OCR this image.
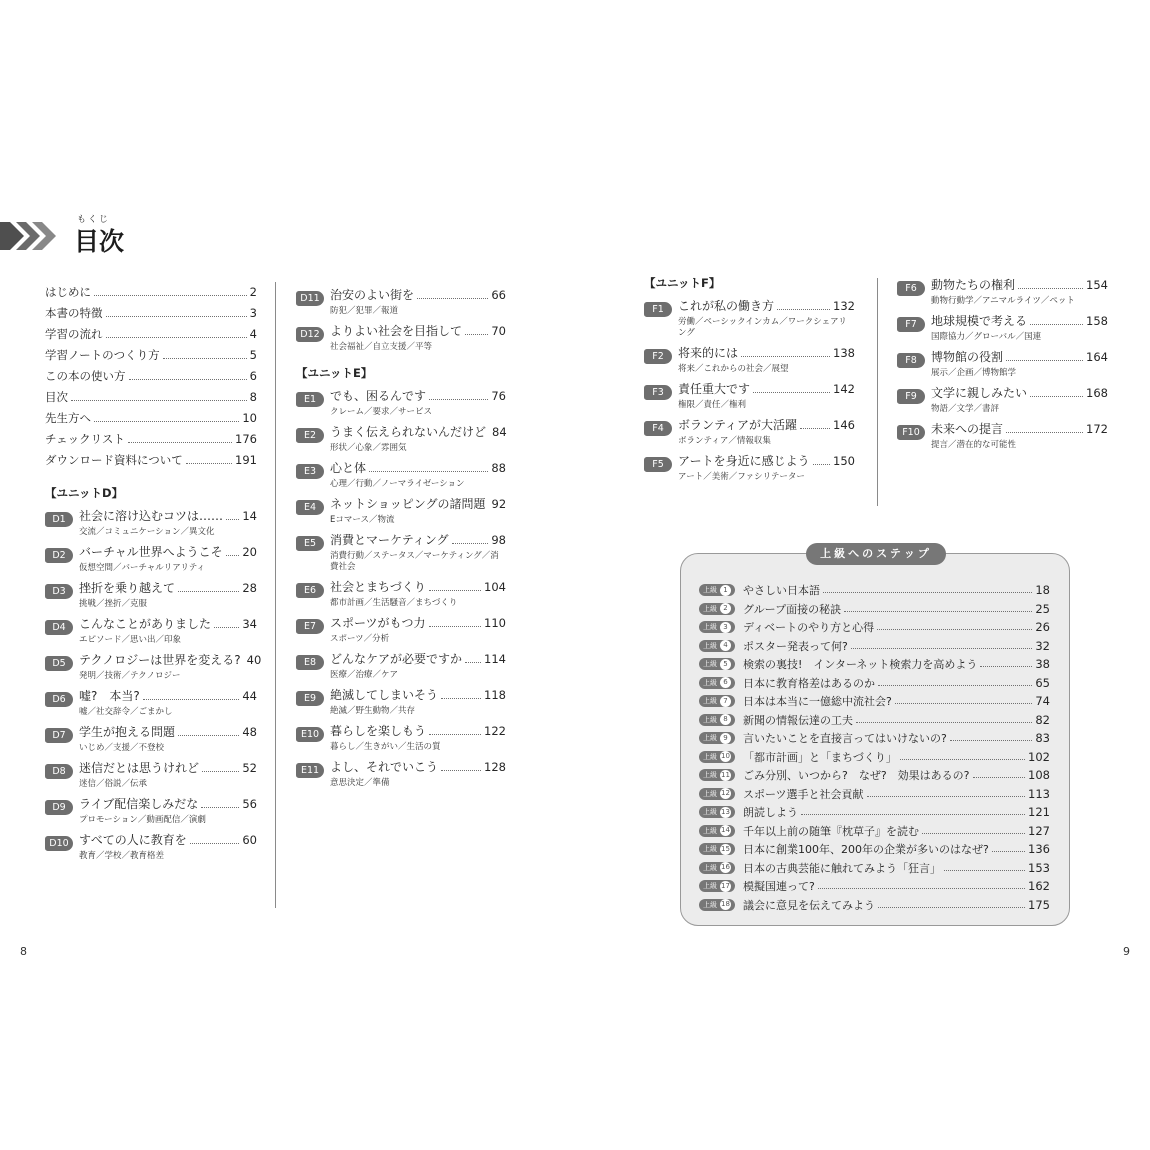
もくじ
目次
はじめに	2
本書の特徴	3
学習の流れ	4
学習ノートのつくり方	5
この本の使い方	6
目次	8
先生方へ	10
チェックリスト	176
ダウンロード資料について	191
【ユニットD】
D1	社会に溶け込むコツは…… 14
交流／コミュニケーション／異文化
D2	バーチャル世界へようこそ 20
仮想空間／バーチャルリアリティ
D3	挫折を乗り越えて	28
挑戦／挫折／克服
D4	こんなことがありました	34
エピソード／思い出／印象
D5	テクノロジーは世界を変える? 40
発明／技術／テクノロジー
D6	嘘?　本当?	44
嘘／社交辞令／ごまかし
D7	学生が抱える問題	48
いじめ／支援／不登校
D8	迷信だとは思うけれど	52
迷信／俗説／伝承
D9	ライブ配信楽しみだな	56
プロモーション／動画配信／演劇
D10 すべての人に教育を	60
教育／学校／教育格差
D11 治安のよい街を	66
防犯／犯罪／報道
D12 よりよい社会を目指して	70
社会福祉／自立支援／平等
【ユニットE】
E1	でも、困るんです	76
クレーム／要求／サービス
E2	うまく伝えられないんだけど 84
形状／心象／雰囲気
E3	心と体	88
心理／行動／ノーマライゼーション
E4	ネットショッピングの諸問題 92
Eコマース／物流
E5	消費とマーケティング	98
消費行動／ステータス／マーケティング／消費社会
E6	社会とまちづくり	104
都市計画／生活騒音／まちづくり
E7	スポーツがもつ力	110
スポーツ／分析
E8	どんなケアが必要ですか 114
医療／治療／ケア
E9	絶滅してしまいそう	118
絶滅／野生動物／共存
E10 暮らしを楽しもう	122
暮らし／生きがい／生活の質
E11 よし、それでいこう	128
意思決定／準備
【ユニットF】
F1	これが私の働き方	132
労働／ベーシックインカム／ワークシェアリング
F2	将来的には	138
将来／これからの社会／展望
F3	責任重大です	142
権限／責任／権利
F4	ボランティアが大活躍	146
ボランティア／情報収集
F5	アートを身近に感じよう 150
アート／美術／ファシリテーター
F6	動物たちの権利	154
動物行動学／アニマルライツ／ペット
F7	地球規模で考える	158
国際協力／グローバル／国連
F8	博物館の役割	164
展示／企画／博物館学
F9	文学に親しみたい	168
物語／文学／書評
F10 未来への提言	172
提言／潜在的な可能性
上級へのステップ
上級 1 やさしい日本語	18
上級 2 グループ面接の秘訣	25
上級 3 ディベートのやり方と心得	26
上級 4 ポスター発表って何?	32
上級 5 検索の裏技!　インターネット検索力を高めよう	38
上級 6 日本に教育格差はあるのか	65
上級 7 日本は本当に一億総中流社会?	74
上級 8 新聞の情報伝達の工夫	82
上級 9 言いたいことを直接言ってはいけないの?	83
上級 10 「都市計画」と「まちづくり」	102
上級 11 ごみ分別、いつから?　なぜ?　効果はあるの?	108
上級 12 スポーツ選手と社会貢献	113
上級 13 朗読しよう	121
上級 14 千年以上前の随筆『枕草子』を読む	127
上級 15 日本に創業100年、200年の企業が多いのはなぜ?	136
上級 16 日本の古典芸能に触れてみよう「狂言」	153
上級 17 模擬国連って?	162
上級 18 議会に意見を伝えてみよう	175
8	9
